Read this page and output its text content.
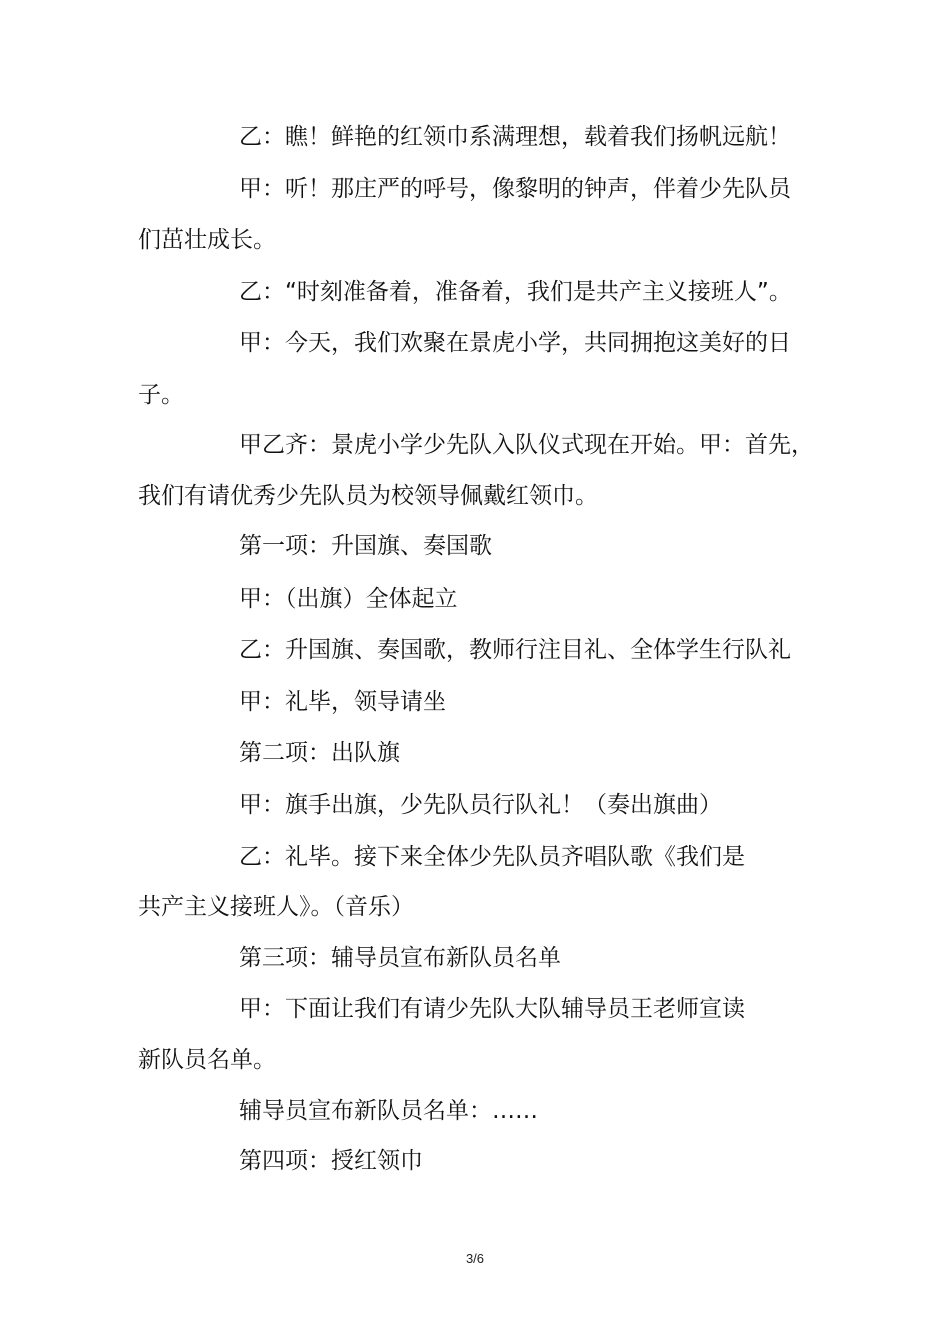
乙：瞧！鲜艳的红领巾系满理想，载着我们扬帆远航！
甲：听！那庄严的呼号，像黎明的钟声，伴着少先队员
们茁壮成长。
乙：“时刻准备着，准备着，我们是共产主义接班人”。
甲：今天，我们欢聚在景虎小学，共同拥抱这美好的日
子。
甲乙齐：景虎小学少先队入队仪式现在开始。甲：首先，
我们有请优秀少先队员为校领导佩戴红领巾。
第一项：升国旗、奏国歌
甲：（出旗）全体起立
乙：升国旗、奏国歌，教师行注目礼、全体学生行队礼
甲：礼毕，领导请坐
第二项：出队旗
甲：旗手出旗，少先队员行队礼！（奏出旗曲）
乙：礼毕。接下来全体少先队员齐唱队歌《我们是
共产主义接班人》。（音乐）
第三项：辅导员宣布新队员名单
甲：下面让我们有请少先队大队辅导员王老师宣读
新队员名单。
辅导员宣布新队员名单：……
第四项：授红领巾
3/6
